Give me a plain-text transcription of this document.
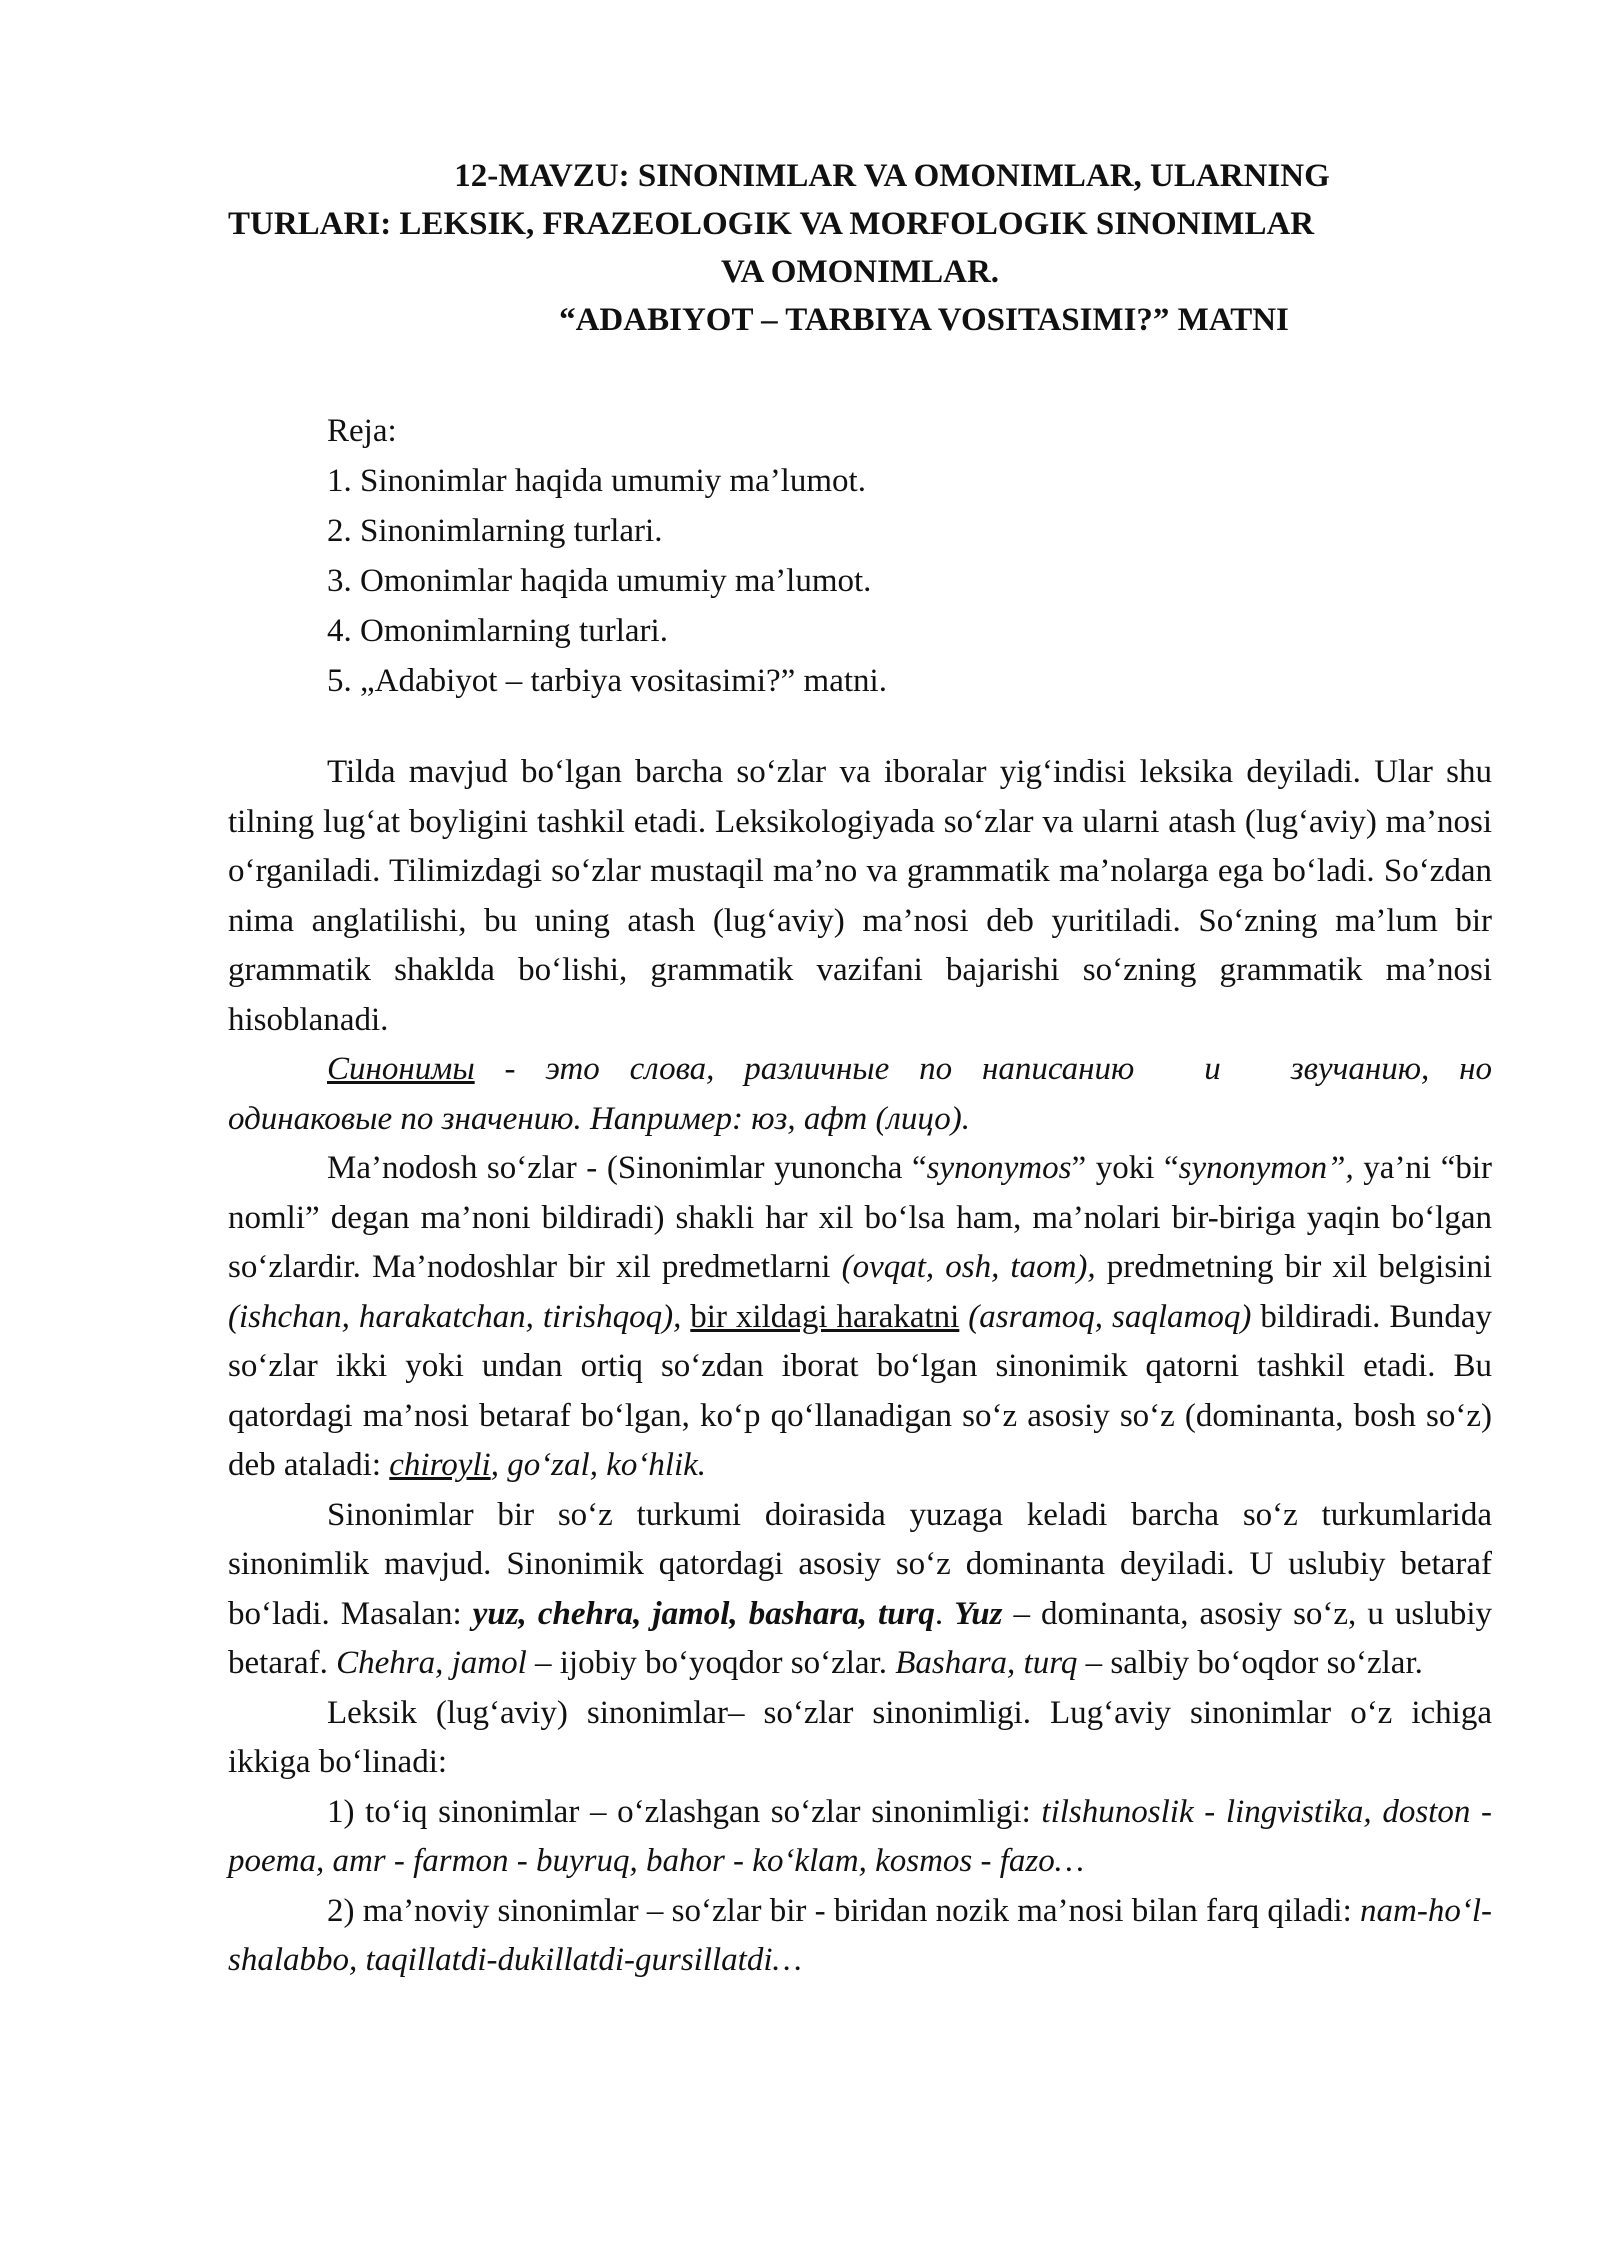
12-MAVZU: SINONIMLAR VA OMONIMLAR, ULARNING
TURLARI: LEKSIK, FRAZEOLOGIK VA MORFOLOGIK SINONIMLAR
VA OMONIMLAR.
“ADABIYOT – TARBIYA VOSITASIMI?” MATNI
Reja:
1. Sinonimlar haqida umumiy ma’lumot.
2. Sinonimlarning turlari.
3. Omonimlar haqida umumiy ma’lumot.
4. Omonimlarning turlari.
5. „Adabiyot – tarbiya vositasimi?” matni.

Tilda mavjud bo‘lgan barcha so‘zlar va iboralar yig‘indisi leksika deyiladi. Ular shu tilning lug‘at boyligini tashkil etadi. Leksikologiyada so‘zlar va ularni atash (lug‘aviy) ma’nosi o‘rganiladi. Tilimizdagi so‘zlar mustaqil ma’no va grammatik ma’nolarga ega bo‘ladi. So‘zdan nima anglatilishi, bu uning atash (lug‘aviy) ma’nosi deb yuritiladi. So‘zning ma’lum bir grammatik shaklda bo‘lishi, grammatik vazifani bajarishi so‘zning grammatik ma’nosi hisoblanadi.

Синонимы - это слова, различные по написанию и звучанию, но одинаковые по значению. Например: юз, афт (лицо).

Ma’nodosh so‘zlar - (Sinonimlar yunoncha “synonymos” yoki “synonymon”, ya’ni “bir nomli” degan ma’noni bildiradi) shakli har xil bo‘lsa ham, ma’nolari bir-biriga yaqin bo‘lgan so‘zlardir. Ma’nodoshlar bir xil predmetlarni (ovqat, osh, taom), predmetning bir xil belgisini (ishchan, harakatchan, tirishqoq), bir xildagi harakatni (asramoq, saqlamoq) bildiradi. Bunday so‘zlar ikki yoki undan ortiq so‘zdan iborat bo‘lgan sinonimik qatorni tashkil etadi. Bu qatordagi ma’nosi betaraf bo‘lgan, ko‘p qo‘llanadigan so‘z asosiy so‘z (dominanta, bosh so‘z) deb ataladi: chiroyli, go‘zal, ko‘hlik.

Sinonimlar bir so‘z turkumi doirasida yuzaga keladi barcha so‘z turkumlarida sinonimlik mavjud. Sinonimik qatordagi asosiy so‘z dominanta deyiladi. U uslubiy betaraf bo‘ladi. Masalan: yuz, chehra, jamol, bashara, turq. Yuz – dominanta, asosiy so‘z, u uslubiy betaraf. Chehra, jamol – ijobiy bo‘yoqdor so‘zlar. Bashara, turq – salbiy bo‘oqdor so‘zlar.

Leksik (lug‘aviy) sinonimlar– so‘zlar sinonimligi. Lug‘aviy sinonimlar o‘z ichiga ikkiga bo‘linadi:

1) to‘iq sinonimlar – o‘zlashgan so‘zlar sinonimligi: tilshunoslik - lingvistika, doston - poema, amr - farmon - buyruq, bahor - ko‘klam, kosmos - fazo…

2) ma’noviy sinonimlar – so‘zlar bir - biridan nozik ma’nosi bilan farq qiladi: nam-ho‘l-shalabbo, taqillatdi-dukillatdi-gursillatdi…
